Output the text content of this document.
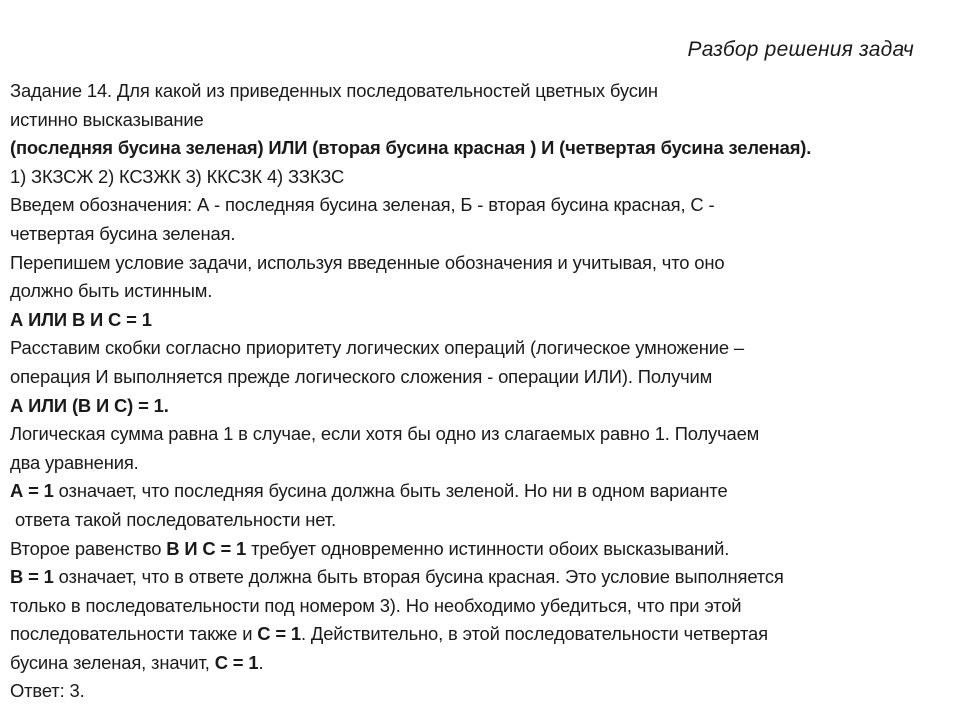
Разбор решения задач
Задание 14. Для какой из приведенных последовательностей цветных бусин
истинно высказывание
(последняя бусина зеленая) ИЛИ (вторая бусина красная ) И (четвертая бусина зеленая).
1) ЗКЗСЖ 2) КСЗЖК 3) ККСЗК 4) ЗЗКЗС
Введем обозначения: А - последняя бусина зеленая, Б - вторая бусина красная, С -
четвертая бусина зеленая.
Перепишем условие задачи, используя введенные обозначения и учитывая, что оно
должно быть истинным.
А ИЛИ В И С = 1
Расставим скобки согласно приоритету логических операций (логическое умножение –
операция И выполняется прежде логического сложения - операции ИЛИ). Получим
А ИЛИ (В И С) = 1.
Логическая сумма равна 1 в случае, если хотя бы одно из слагаемых равно 1. Получаем
два уравнения.
А = 1 означает, что последняя бусина должна быть зеленой. Но ни в одном варианте
ответа такой последовательности нет.
Второе равенство В И С = 1 требует одновременно истинности обоих высказываний.
В = 1 означает, что в ответе должна быть вторая бусина красная. Это условие выполняется
только в последовательности под номером 3). Но необходимо убедиться, что при этой
последовательности также и С = 1. Действительно, в этой последовательности четвертая
бусина зеленая, значит, С = 1.
Ответ: 3.
